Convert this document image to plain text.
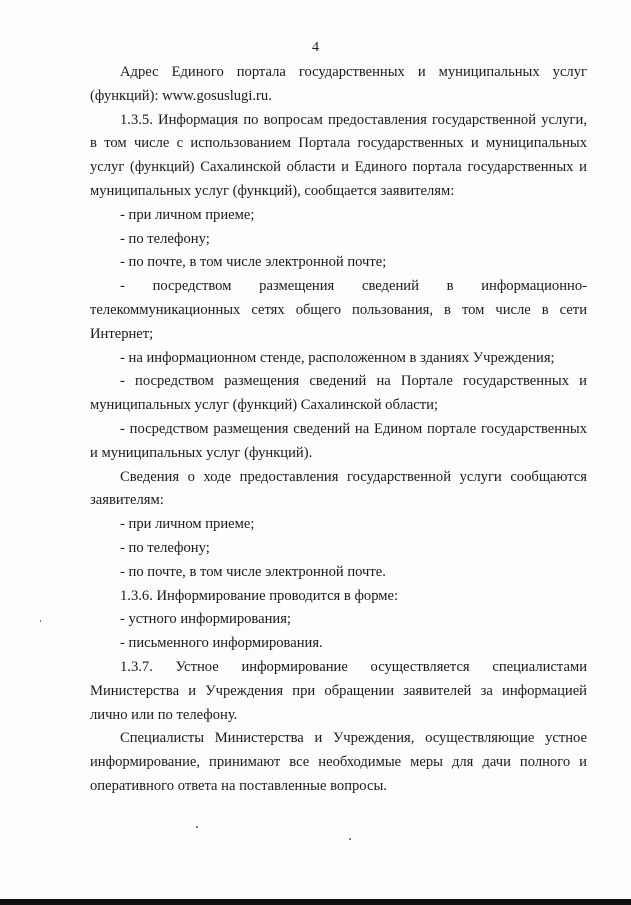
4

Адрес Единого портала государственных и муниципальных услуг (функций): www.gosuslugi.ru.

1.3.5. Информация по вопросам предоставления государственной услуги, в том числе с использованием Портала государственных и муниципальных услуг (функций) Сахалинской области и Единого портала государственных и муниципальных услуг (функций), сообщается заявителям:

- при личном приеме;

- по телефону;

- по почте, в том числе электронной почте;

- посредством размещения сведений в информационно-телекоммуникационных сетях общего пользования, в том числе в сети Интернет;

- на информационном стенде, расположенном в зданиях Учреждения;

- посредством размещения сведений на Портале государственных и муниципальных услуг (функций) Сахалинской области;

- посредством размещения сведений на Едином портале государственных и муниципальных услуг (функций).

Сведения о ходе предоставления государственной услуги сообщаются заявителям:

- при личном приеме;

- по телефону;

- по почте, в том числе электронной почте.

1.3.6. Информирование проводится в форме:

- устного информирования;

- письменного информирования.

1.3.7. Устное информирование осуществляется специалистами Министерства и Учреждения при обращении заявителей за информацией лично или по телефону.

Специалисты Министерства и Учреждения, осуществляющие устное информирование, принимают все необходимые меры для дачи полного и оперативного ответа на поставленные вопросы.
